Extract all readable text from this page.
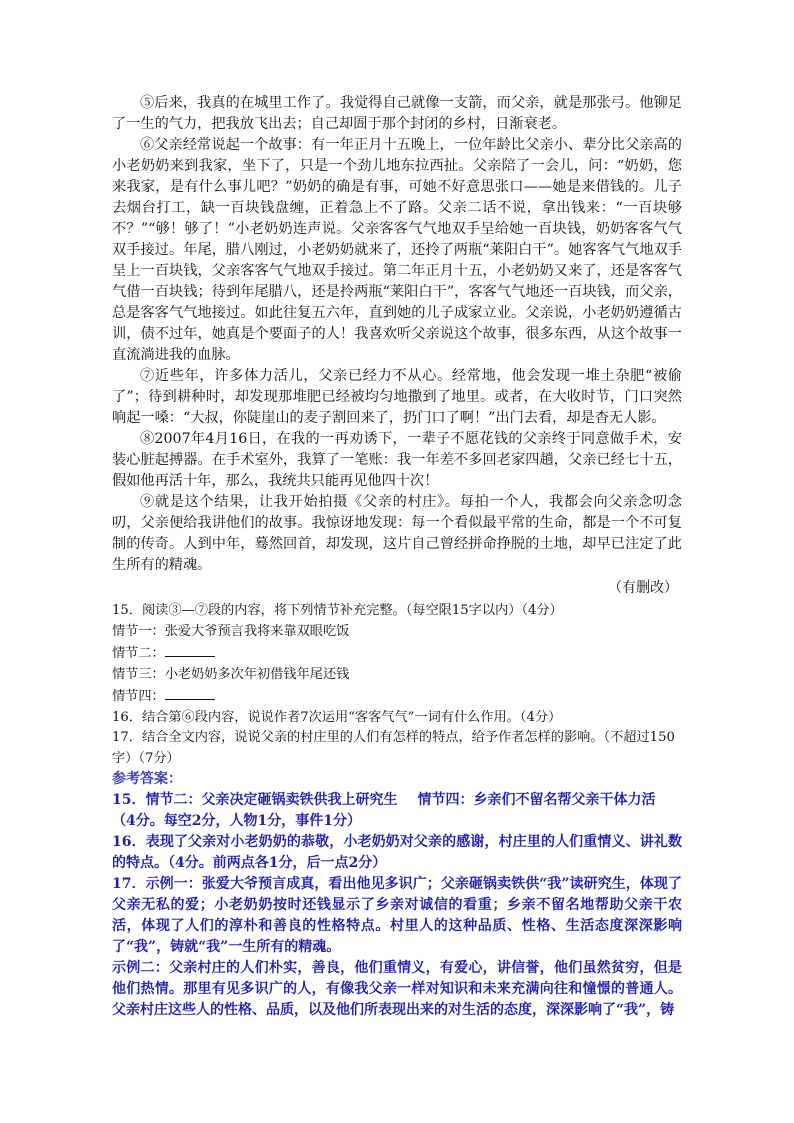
⑤后来，我真的在城里工作了。我觉得自己就像一支箭，而父亲，就是那张弓。他铆足了一生的气力，把我放飞出去；自己却圄于那个封闭的乡村，日渐衰老。

⑥父亲经常说起一个故事：有一年正月十五晚上，一位年龄比父亲小、辈分比父亲高的小老奶奶来到我家，坐下了，只是一个劲儿地东拉西扯。父亲陪了一会儿，问：“奶奶，您来我家，是有什么事儿吧？”奶奶的确是有事，可她不好意思张口——她是来借钱的。儿子去烟台打工，缺一百块钱盘缠，正着急上不了路。父亲二话不说，拿出钱来：“一百块够不？”“够！够了！”小老奶奶连声说。父亲客客气气地双手呈给她一百块钱，奶奶客客气气双手接过。年尾，腊八刚过，小老奶奶就来了，还拎了两瓶“莱阳白干”。她客客气气地双手呈上一百块钱，父亲客客气气地双手接过。第二年正月十五，小老奶奶又来了，还是客客气气借一百块钱；待到年尾腊八，还是拎两瓶“莱阳白干”，客客气气地还一百块钱，而父亲，总是客客气气地接过。如此往复五六年，直到她的儿子成家立业。父亲说，小老奶奶遵循古训，债不过年，她真是个要面子的人！我喜欢听父亲说这个故事，很多东西，从这个故事一直流淌进我的血脉。

⑦近些年，许多体力活儿，父亲已经力不从心。经常地，他会发现一堆土杂肥“被偷了”；待到耕种时，却发现那堆肥已经被均匀地撒到了地里。或者，在大收时节，门口突然响起一嗓：“大叔，你陡崖山的麦子割回来了，扔门口了啊！”出门去看，却是杳无人影。

⑧2007年4月16日，在我的一再劝诱下，一辈子不愿花钱的父亲终于同意做手术，安装心脏起搏器。在手术室外，我算了一笔账：我一年差不多回老家四趟，父亲已经七十五，假如他再活十年，那么，我统共只能再见他四十次！

⑨就是这个结果，让我开始拍摄《父亲的村庄》。每拍一个人，我都会向父亲念叨念叨，父亲便给我讲他们的故事。我惊讶地发现：每一个看似最平常的生命，都是一个不可复制的传奇。人到中年，蓦然回首，却发现，这片自己曾经拼命挣脱的土地，却早已注定了此生所有的精魂。

（有删改）

15．阅读③—⑦段的内容，将下列情节补充完整。（每空限15字以内）（4分）

情节一：张爱大爷预言我将来靠双眼吃饭

情节二：

情节三：小老奶奶多次年初借钱年尾还钱

情节四：

16．结合第⑥段内容，说说作者7次运用“客客气气”一词有什么作用。（4分）

17．结合全文内容，说说父亲的村庄里的人们有怎样的特点，给予作者怎样的影响。（不超过150字）（7分）

参考答案：

15．情节二：父亲决定砸锅卖铁供我上研究生 情节四：乡亲们不留名帮父亲干体力活

（4分。每空2分，人物1分，事件1分）

16．表现了父亲对小老奶奶的恭敬，小老奶奶对父亲的感谢，村庄里的人们重情义、讲礼数的特点。（4分。前两点各1分，后一点2分）

17．示例一：张爱大爷预言成真，看出他见多识广；父亲砸锅卖铁供“我”读研究生，体现了父亲无私的爱；小老奶奶按时还钱显示了乡亲对诚信的看重；乡亲不留名地帮助父亲干农活，体现了人们的淳朴和善良的性格特点。村里人的这种品质、性格、生活态度深深影响了“我”，铸就“我”一生所有的精魂。

示例二：父亲村庄的人们朴实，善良，他们重情义，有爱心，讲信誉，他们虽然贫穷，但是他们热情。那里有见多识广的人，有像我父亲一样对知识和未来充满向往和憧憬的普通人。父亲村庄这些人的性格、品质，以及他们所表现出来的对生活的态度，深深影响了“我”，铸
